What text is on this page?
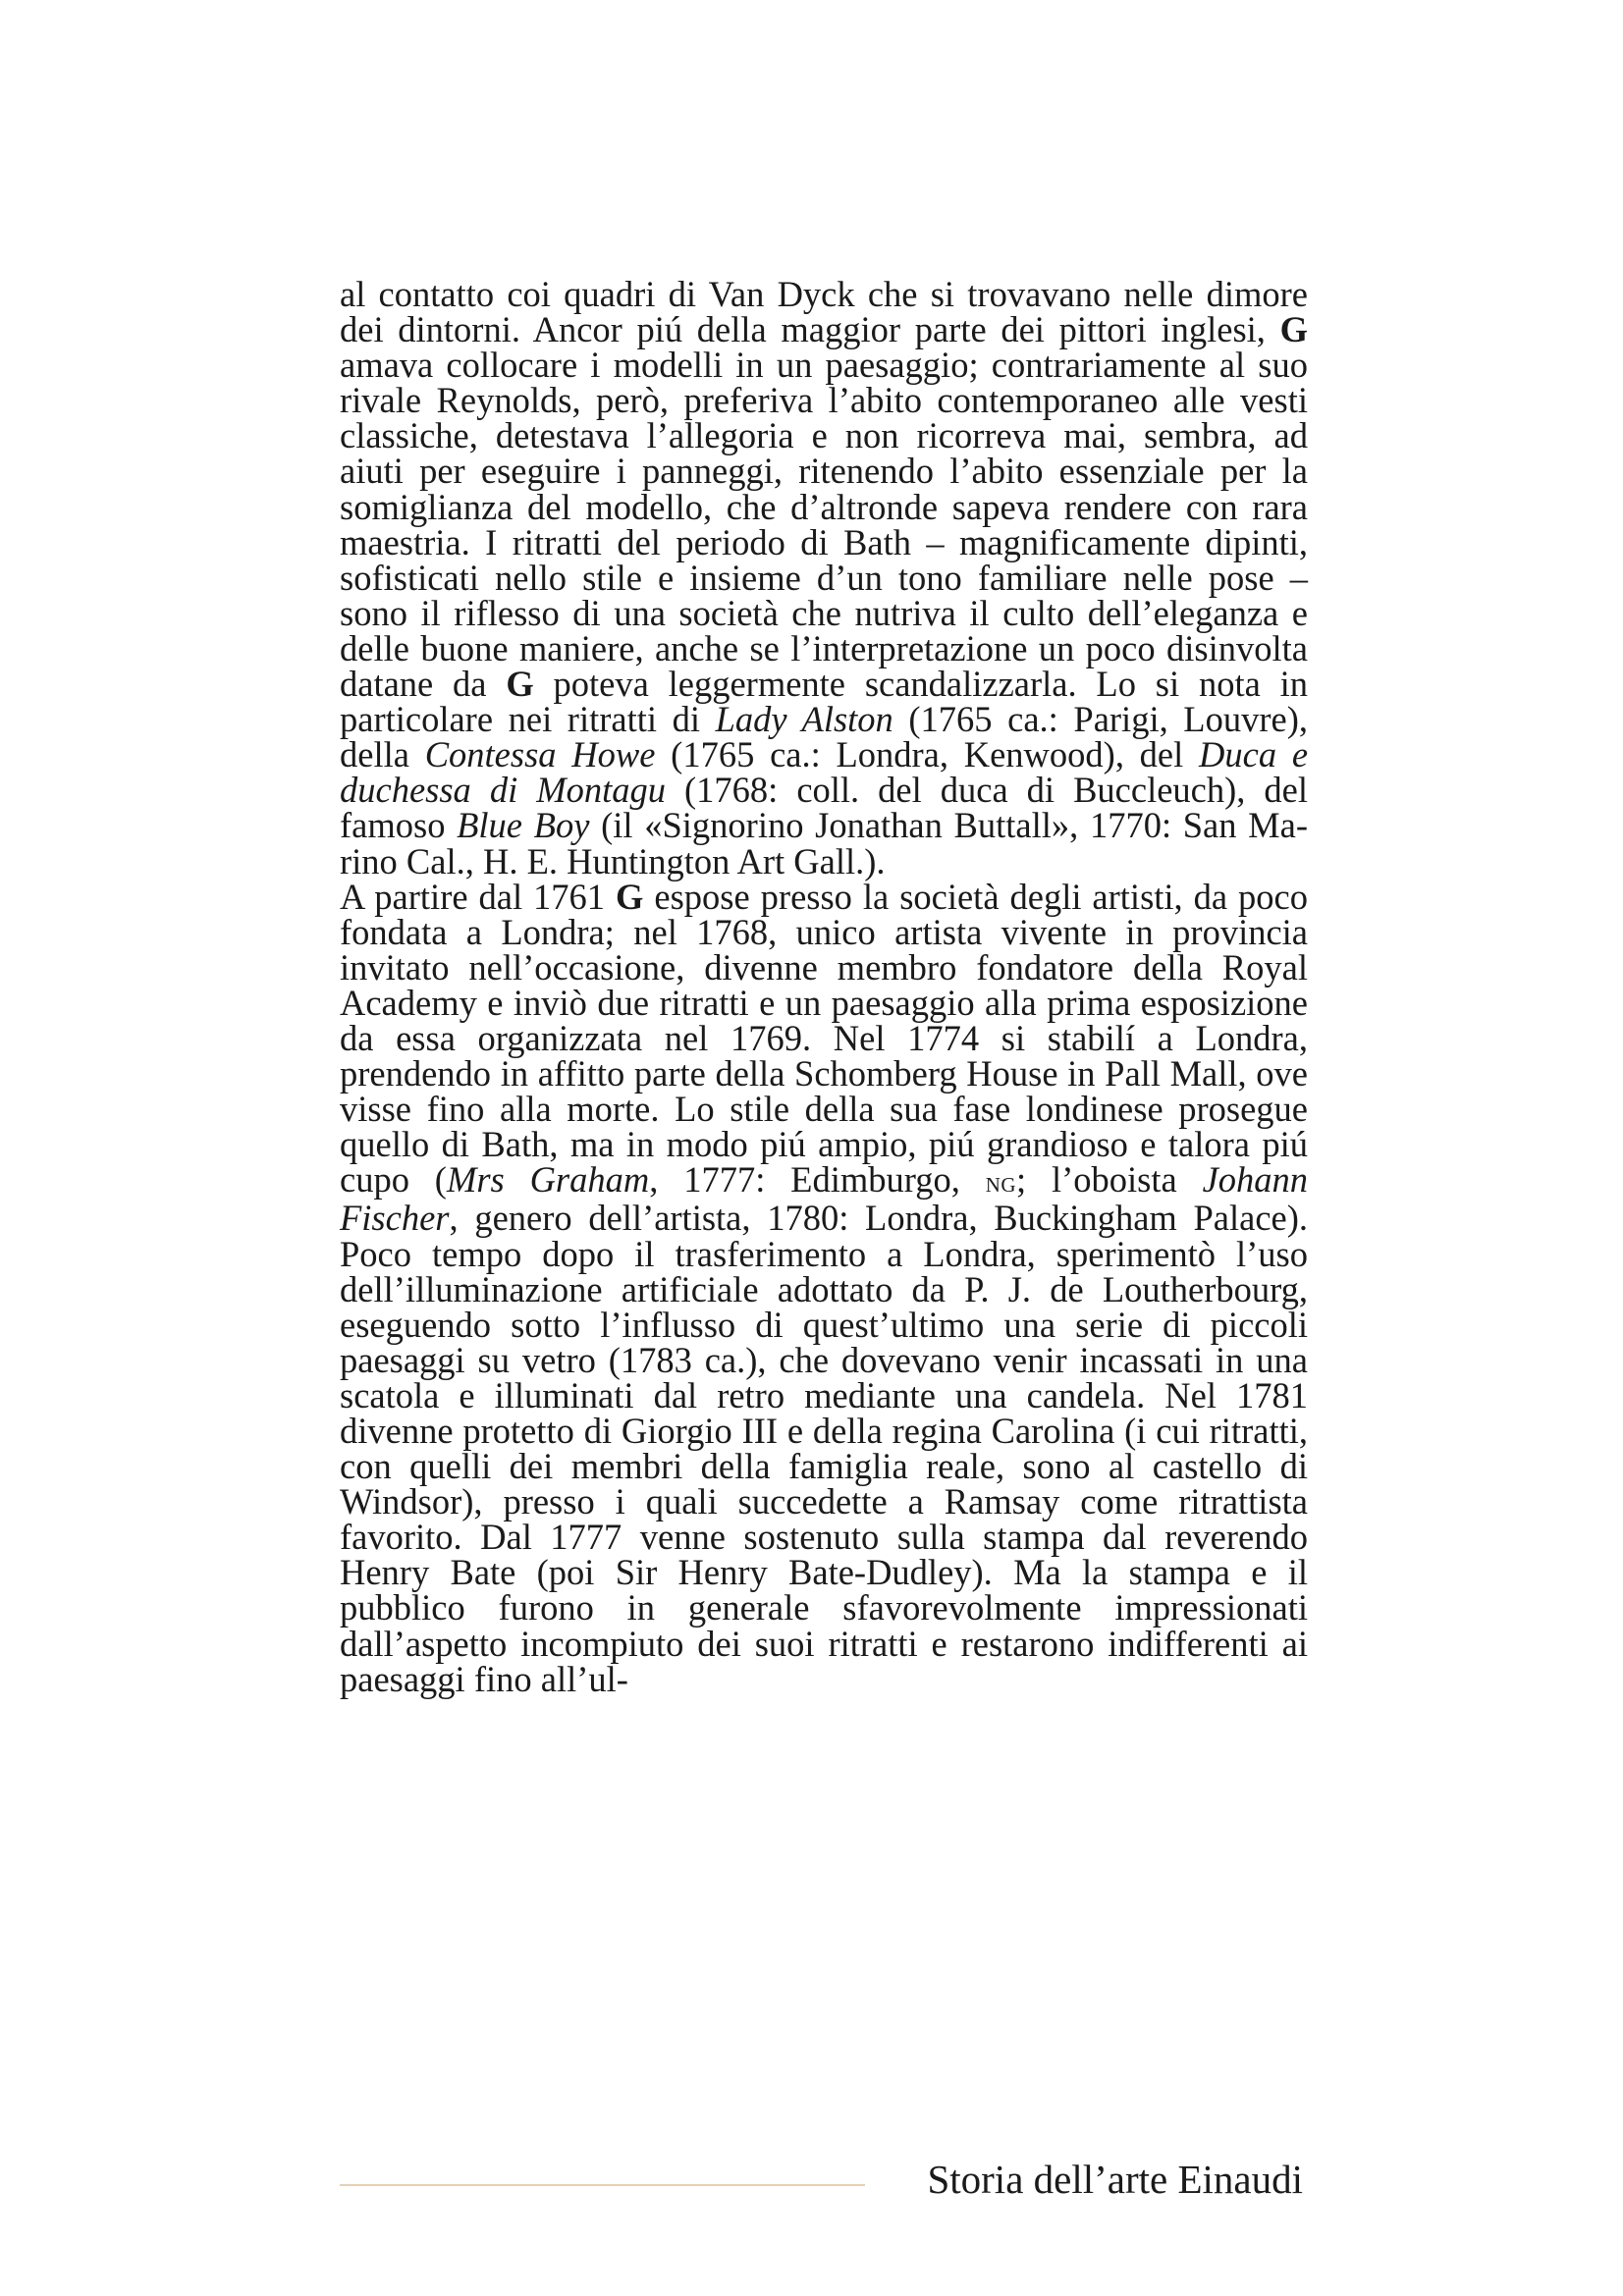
al contatto coi quadri di Van Dyck che si trovavano nelle dimore dei dintorni. Ancor piú della maggior parte dei pittori inglesi, G amava collocare i modelli in un paesaggio; contrariamente al suo rivale Reynolds, però, preferiva l’abito contemporaneo alle vesti classiche, detestava l’allegoria e non ricorreva mai, sembra, ad aiuti per eseguire i panneggi, ritenendo l’abito essenziale per la somiglianza del modello, che d’altronde sapeva rendere con rara maestria. I ritratti del periodo di Bath – magnificamente dipinti, sofisticati nello stile e insieme d’un tono familiare nelle pose – sono il riflesso di una società che nutriva il culto dell’eleganza e delle buone maniere, anche se l’interpretazione un poco disinvolta datane da G poteva leggermente scandalizzarla. Lo si nota in particolare nei ritratti di Lady Alston (1765 ca.: Parigi, Louvre), della Contessa Howe (1765 ca.: Londra, Kenwood), del Duca e duchessa di Montagu (1768: coll. del duca di Buccleuch), del famoso Blue Boy (il «Signorino Jonathan Buttall», 1770: San Marino Cal., H. E. Huntington Art Gall.).

A partire dal 1761 G espose presso la società degli artisti, da poco fondata a Londra; nel 1768, unico artista vivente in provincia invitato nell’occasione, divenne membro fondatore della Royal Academy e inviò due ritratti e un paesaggio alla prima esposizione da essa organizzata nel 1769. Nel 1774 si stabilí a Londra, prendendo in affitto parte della Schomberg House in Pall Mall, ove visse fino alla morte. Lo stile della sua fase londinese prosegue quello di Bath, ma in modo piú ampio, piú grandioso e talora piú cupo (Mrs Graham, 1777: Edimburgo, ng; l’oboista Johann Fischer, genero dell’artista, 1780: Londra, Buckingham Palace). Poco tempo dopo il trasferimento a Londra, sperimentò l’uso dell’illuminazione artificiale adottato da P. J. de Loutherbourg, eseguendo sotto l’influsso di quest’ultimo una serie di piccoli paesaggi su vetro (1783 ca.), che dovevano venir incassati in una scatola e illuminati dal retro mediante una candela. Nel 1781 divenne protetto di Giorgio III e della regina Carolina (i cui ritratti, con quelli dei membri della famiglia reale, sono al castello di Windsor), presso i quali succedette a Ramsay come ritrattista favorito. Dal 1777 venne sostenuto sulla stampa dal reverendo Henry Bate (poi Sir Henry Bate-Dudley). Ma la stampa e il pubblico furono in generale sfavorevolmente impressionati dall’aspetto incompiuto dei suoi ritratti e restarono indifferenti ai paesaggi fino all’ul-

Storia dell’arte Einaudi
